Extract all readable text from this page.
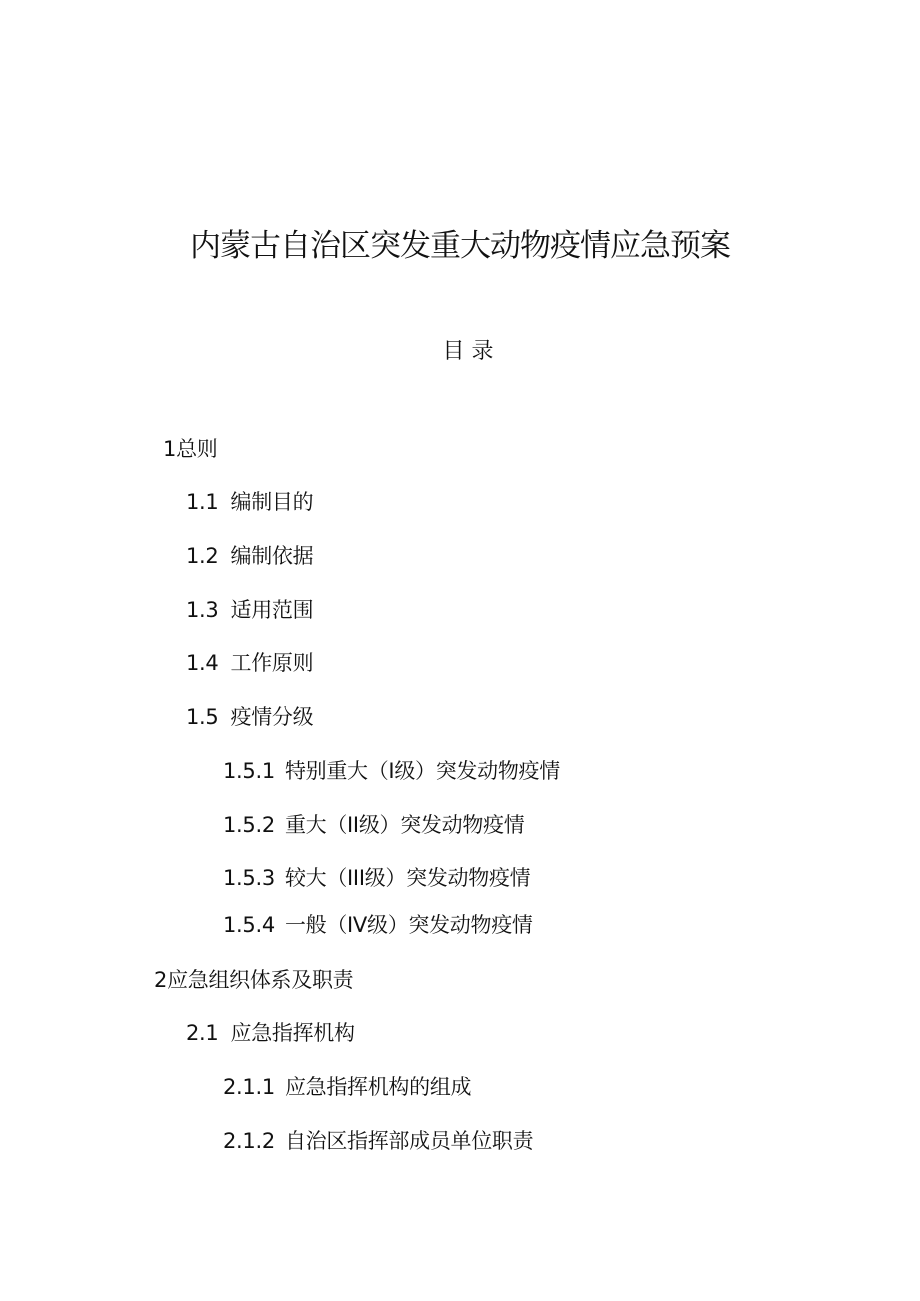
内蒙古自治区突发重大动物疫情应急预案
目 录
1总则
1.1 编制目的
1.2 编制依据
1.3 适用范围
1.4 工作原则
1.5 疫情分级
1.5.1 特别重大（I级）突发动物疫情
1.5.2 重大（II级）突发动物疫情
1.5.3 较大（III级）突发动物疫情
1.5.4 一般（IV级）突发动物疫情
2应急组织体系及职责
2.1 应急指挥机构
2.1.1 应急指挥机构的组成
2.1.2 自治区指挥部成员单位职责
